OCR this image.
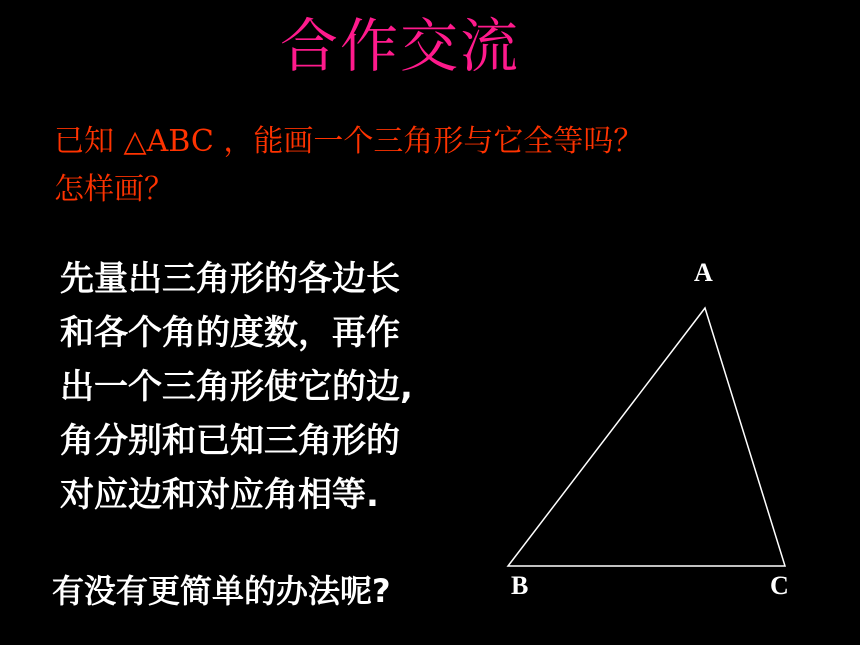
合作交流
已知 △ABC ，能画一个三角形与它全等吗？
怎样画？
先量出三角形的各边长
和各个角的度数，再作
出一个三角形使它的边,
角分别和已知三角形的
对应边和对应角相等.
有没有更简单的办法呢?
A
B	C
